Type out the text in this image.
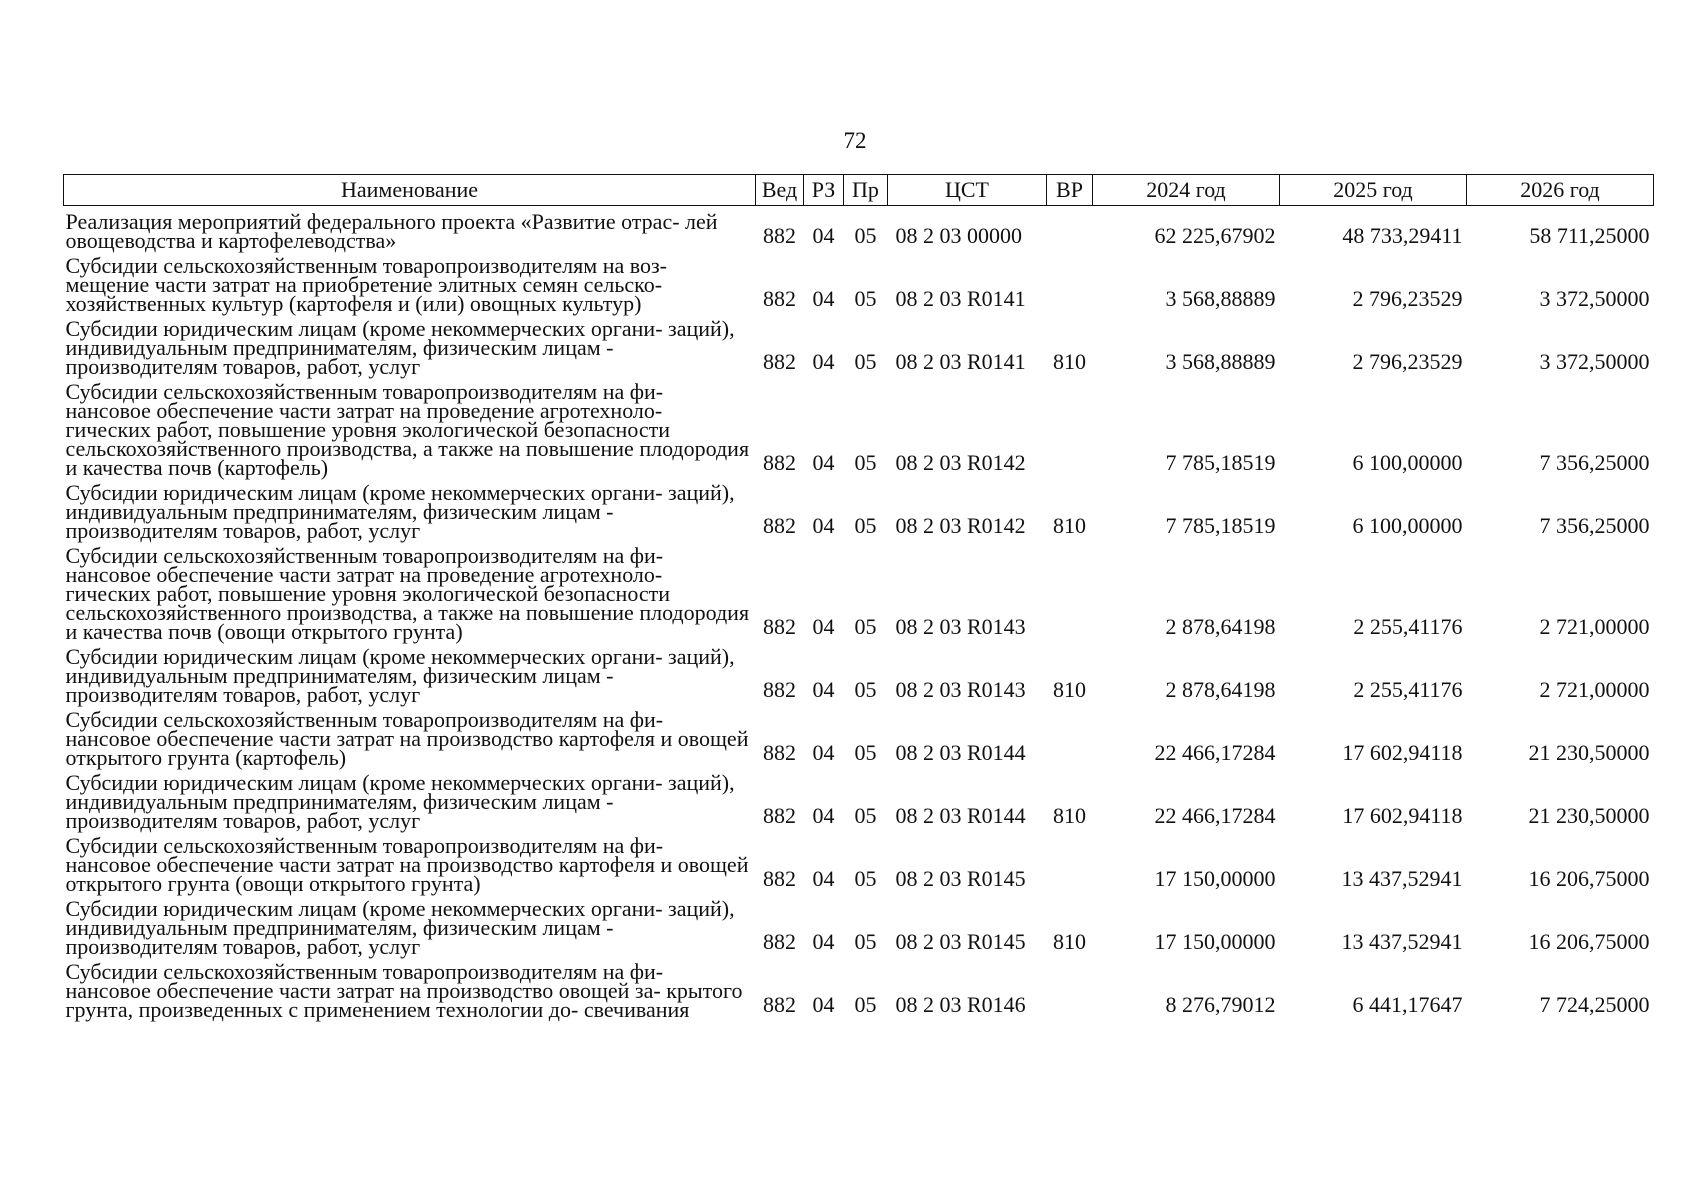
72
Наименование	Вед	РЗ	Пр	ЦСТ	ВР	2024 год	2025 год	2026 год
Реализация мероприятий федерального проекта «Развитие отрас- лей овощеводства и картофелеводства»	882	04	05	08 2 03 00000		62 225,67902	48 733,29411	58 711,25000
Субсидии сельскохозяйственным товаропроизводителям на воз- мещение части затрат на приобретение элитных семян сельско- хозяйственных культур (картофеля и (или) овощных культур)	882	04	05	08 2 03 R0141		3 568,88889	2 796,23529	3 372,50000
Субсидии юридическим лицам (кроме некоммерческих органи- заций), индивидуальным предпринимателям, физическим лицам - производителям товаров, работ, услуг	882	04	05	08 2 03 R0141	810	3 568,88889	2 796,23529	3 372,50000
Субсидии сельскохозяйственным товаропроизводителям на фи- нансовое обеспечение части затрат на проведение агротехноло- гических работ, повышение уровня экологической безопасности сельскохозяйственного производства, а также на повышение плодородия и качества почв (картофель)	882	04	05	08 2 03 R0142		7 785,18519	6 100,00000	7 356,25000
Субсидии юридическим лицам (кроме некоммерческих органи- заций), индивидуальным предпринимателям, физическим лицам - производителям товаров, работ, услуг	882	04	05	08 2 03 R0142	810	7 785,18519	6 100,00000	7 356,25000
Субсидии сельскохозяйственным товаропроизводителям на фи- нансовое обеспечение части затрат на проведение агротехноло- гических работ, повышение уровня экологической безопасности сельскохозяйственного производства, а также на повышение плодородия и качества почв (овощи открытого грунта)	882	04	05	08 2 03 R0143		2 878,64198	2 255,41176	2 721,00000
Субсидии юридическим лицам (кроме некоммерческих органи- заций), индивидуальным предпринимателям, физическим лицам - производителям товаров, работ, услуг	882	04	05	08 2 03 R0143	810	2 878,64198	2 255,41176	2 721,00000
Субсидии сельскохозяйственным товаропроизводителям на фи- нансовое обеспечение части затрат на производство картофеля и овощей открытого грунта (картофель)	882	04	05	08 2 03 R0144		22 466,17284	17 602,94118	21 230,50000
Субсидии юридическим лицам (кроме некоммерческих органи- заций), индивидуальным предпринимателям, физическим лицам - производителям товаров, работ, услуг	882	04	05	08 2 03 R0144	810	22 466,17284	17 602,94118	21 230,50000
Субсидии сельскохозяйственным товаропроизводителям на фи- нансовое обеспечение части затрат на производство картофеля и овощей открытого грунта (овощи открытого грунта)	882	04	05	08 2 03 R0145		17 150,00000	13 437,52941	16 206,75000
Субсидии юридическим лицам (кроме некоммерческих органи- заций), индивидуальным предпринимателям, физическим лицам - производителям товаров, работ, услуг	882	04	05	08 2 03 R0145	810	17 150,00000	13 437,52941	16 206,75000
Субсидии сельскохозяйственным товаропроизводителям на фи- нансовое обеспечение части затрат на производство овощей за- крытого грунта, произведенных с применением технологии до- свечивания	882	04	05	08 2 03 R0146		8 276,79012	6 441,17647	7 724,25000
